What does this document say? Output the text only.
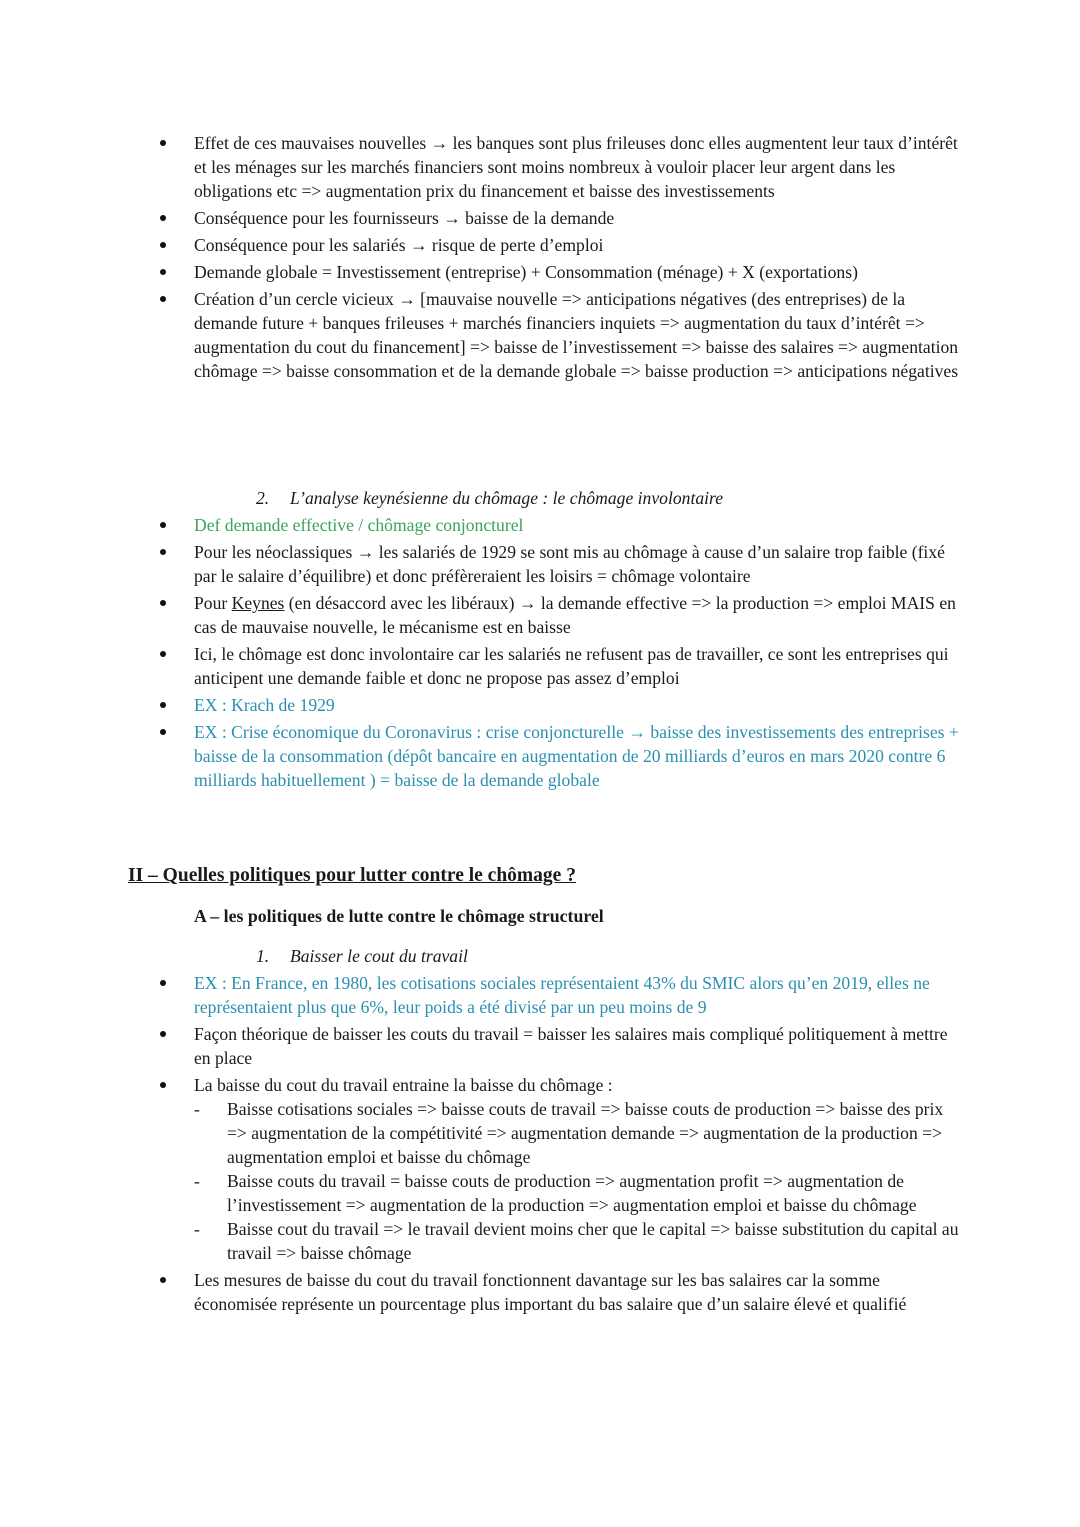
Effet de ces mauvaises nouvelles → les banques sont plus frileuses donc elles augmentent leur taux d’intérêt et les ménages sur les marchés financiers sont moins nombreux à vouloir placer leur argent dans les obligations etc => augmentation prix du financement et baisse des investissements
Conséquence pour les fournisseurs → baisse de la demande
Conséquence pour les salariés → risque de perte d’emploi
Demande globale = Investissement (entreprise) + Consommation (ménage) + X (exportations)
Création d’un cercle vicieux → [mauvaise nouvelle => anticipations négatives (des entreprises) de la demande future + banques frileuses + marchés financiers inquiets => augmentation du taux d’intérêt => augmentation du cout du financement] => baisse de l’investissement => baisse des salaires => augmentation chômage => baisse consommation et de la demande globale => baisse production => anticipations négatives
2. L’analyse keynésienne du chômage : le chômage involontaire
Def demande effective / chômage conjoncturel
Pour les néoclassiques → les salariés de 1929 se sont mis au chômage à cause d’un salaire trop faible (fixé par le salaire d’équilibre) et donc préfèreraient les loisirs = chômage volontaire
Pour Keynes (en désaccord avec les libéraux) → la demande effective => la production => emploi MAIS en cas de mauvaise nouvelle, le mécanisme est en baisse
Ici, le chômage est donc involontaire car les salariés ne refusent pas de travailler, ce sont les entreprises qui anticipent une demande faible et donc ne propose pas assez d’emploi
EX : Krach de 1929
EX : Crise économique du Coronavirus : crise conjoncturelle → baisse des investissements des entreprises + baisse de la consommation (dépôt bancaire en augmentation de 20 milliards d’euros en mars 2020 contre 6 milliards habituellement ) = baisse de la demande globale
II – Quelles politiques pour lutter contre le chômage ?
A – les politiques de lutte contre le chômage structurel
1. Baisser le cout du travail
EX : En France, en 1980, les cotisations sociales représentaient 43% du SMIC alors qu’en 2019, elles ne représentaient plus que 6%, leur poids a été divisé par un peu moins de 9
Façon théorique de baisser les couts du travail = baisser les salaires mais compliqué politiquement à mettre en place
La baisse du cout du travail entraine la baisse du chômage :
- Baisse cotisations sociales => baisse couts de travail => baisse couts de production => baisse des prix => augmentation de la compétitivité => augmentation demande => augmentation de la production => augmentation emploi et baisse du chômage
- Baisse couts du travail = baisse couts de production => augmentation profit => augmentation de l’investissement => augmentation de la production => augmentation emploi et baisse du chômage
- Baisse cout du travail => le travail devient moins cher que le capital => baisse substitution du capital au travail => baisse chômage
Les mesures de baisse du cout du travail fonctionnent davantage sur les bas salaires car la somme économisée représente un pourcentage plus important du bas salaire que d’un salaire élevé et qualifié
